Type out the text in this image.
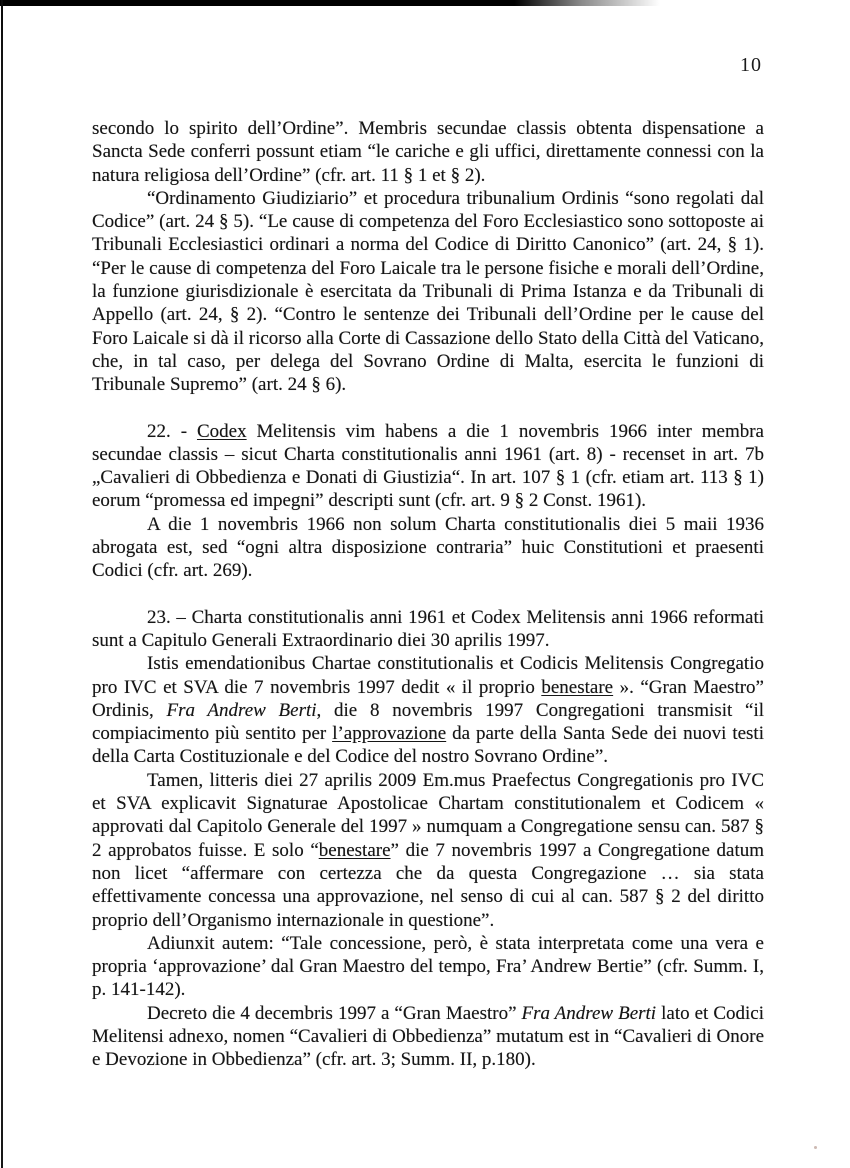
10

secondo lo spirito dell’Ordine”. Membris secundae classis obtenta dispensatione a Sancta Sede conferri possunt etiam “le cariche e gli uffici, direttamente connessi con la natura religiosa dell’Ordine” (cfr. art. 11 § 1 et § 2).

“Ordinamento Giudiziario” et procedura tribunalium Ordinis “sono regolati dal Codice” (art. 24 § 5). “Le cause di competenza del Foro Ecclesiastico sono sottoposte ai Tribunali Ecclesiastici ordinari a norma del Codice di Diritto Canonico” (art. 24, § 1). “Per le cause di competenza del Foro Laicale tra le persone fisiche e morali dell’Ordine, la funzione giurisdizionale è esercitata da Tribunali di Prima Istanza e da Tribunali di Appello (art. 24, § 2). “Contro le sentenze dei Tribunali dell’Ordine per le cause del Foro Laicale si dà il ricorso alla Corte di Cassazione dello Stato della Città del Vaticano, che, in tal caso, per delega del Sovrano Ordine di Malta, esercita le funzioni di Tribunale Supremo” (art. 24 § 6).

22. - Codex Melitensis vim habens a die 1 novembris 1966 inter membra secundae classis – sicut Charta constitutionalis anni 1961 (art. 8) - recenset in art. 7b „Cavalieri di Obbedienza e Donati di Giustizia“. In art. 107 § 1 (cfr. etiam art. 113 § 1) eorum “promessa ed impegni” descripti sunt (cfr. art. 9 § 2 Const. 1961).

A die 1 novembris 1966 non solum Charta constitutionalis diei 5 maii 1936 abrogata est, sed “ogni altra disposizione contraria” huic Constitutioni et praesenti Codici (cfr. art. 269).

23. – Charta constitutionalis anni 1961 et Codex Melitensis anni 1966 reformati sunt a Capitulo Generali Extraordinario diei 30 aprilis 1997.

Istis emendationibus Chartae constitutionalis et Codicis Melitensis Congregatio pro IVC et SVA die 7 novembris 1997 dedit « il proprio benestare ». “Gran Maestro” Ordinis, Fra Andrew Berti, die 8 novembris 1997 Congregationi transmisit “il compiacimento più sentito per l’approvazione da parte della Santa Sede dei nuovi testi della Carta Costituzionale e del Codice del nostro Sovrano Ordine”.

Tamen, litteris diei 27 aprilis 2009 Em.mus Praefectus Congregationis pro IVC et SVA explicavit Signaturae Apostolicae Chartam constitutionalem et Codicem « approvati dal Capitolo Generale del 1997 » numquam a Congregatione sensu can. 587 § 2 approbatos fuisse. E solo “benestare” die 7 novembris 1997 a Congregatione datum non licet “affermare con certezza che da questa Congregazione … sia stata effettivamente concessa una approvazione, nel senso di cui al can. 587 § 2 del diritto proprio dell’Organismo internazionale in questione”.

Adiunxit autem: “Tale concessione, però, è stata interpretata come una vera e propria ‘approvazione’ dal Gran Maestro del tempo, Fra’ Andrew Bertie” (cfr. Summ. I, p. 141-142).

Decreto die 4 decembris 1997 a “Gran Maestro” Fra Andrew Berti lato et Codici Melitensi adnexo, nomen “Cavalieri di Obbedienza” mutatum est in “Cavalieri di Onore e Devozione in Obbedienza” (cfr. art. 3; Summ. II, p.180).
